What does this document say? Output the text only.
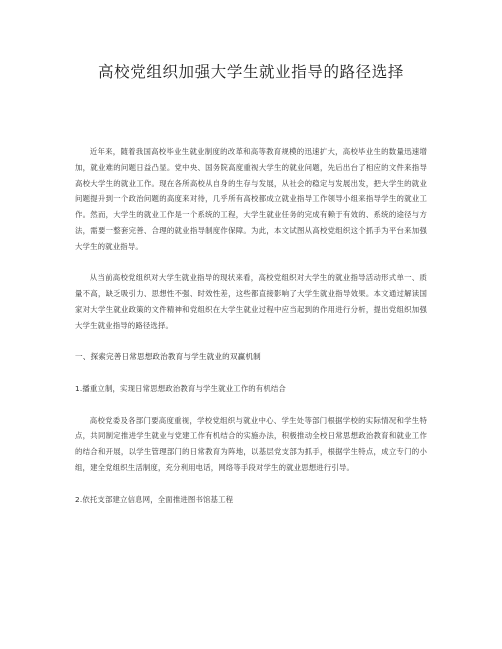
高校党组织加强大学生就业指导的路径选择

近年来，随着我国高校毕业生就业制度的改革和高等教育规模的迅速扩大，高校毕业生的数量迅速增加，就业难的问题日益凸显。党中央、国务院高度重视大学生的就业问题，先后出台了相应的文件来指导高校大学生的就业工作。现在各所高校从自身的生存与发展，从社会的稳定与发展出发，把大学生的就业问题提升到一个政治问题的高度来对待，几乎所有高校都成立就业指导工作领导小组来指导学生的就业工作。然而，大学生的就业工作是一个系统的工程，大学生就业任务的完成有赖于有效的、系统的途径与方法，需要一整套完善、合理的就业指导制度作保障。为此，本文试图从高校党组织这个抓手为平台来加强大学生的就业指导。

从当前高校党组织对大学生就业指导的现状来看，高校党组织对大学生的就业指导活动形式单一、质量不高，缺乏吸引力、思想性不强、时效性差，这些都直接影响了大学生就业指导效果。本文通过解读国家对大学生就业政策的文件精神和党组织在大学生就业过程中应当起到的作用进行分析，提出党组织加强大学生就业指导的路径选择。

一、探索完善日常思想政治教育与学生就业的双赢机制

1.播重立制，实现日常思想政治教育与学生就业工作的有机结合

高校党委及各部门要高度重视，学校党组织与就业中心、学生处等部门根据学校的实际情况和学生特点，共同制定推进学生就业与党建工作有机结合的实施办法，积极推动全校日常思想政治教育和就业工作的结合和开展，以学生管理部门的日常教育为阵地，以基层党支部为抓手，根据学生特点，成立专门的小组，建全党组织生活制度，充分利用电话，网络等手段对学生的就业思想进行引导。

2.依托支部建立信息网，全面推进图书馆基工程
